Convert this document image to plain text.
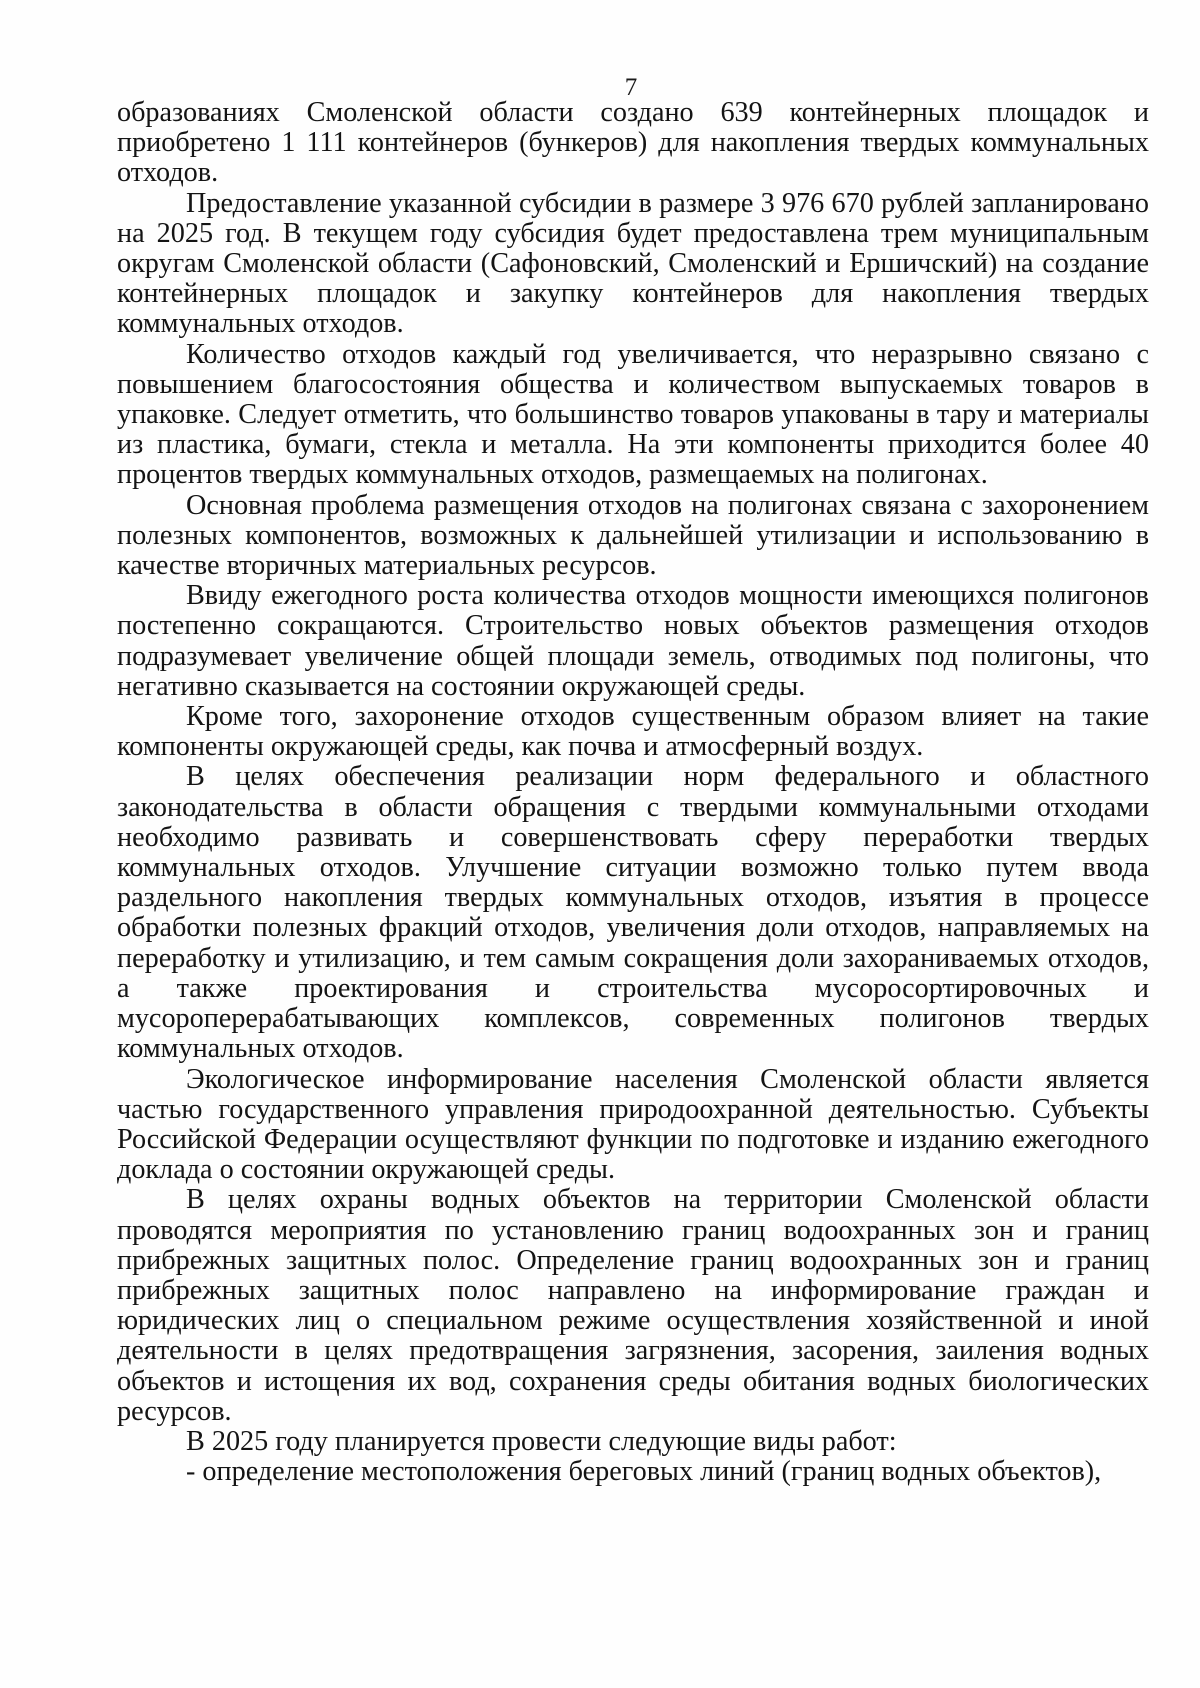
7

образованиях Смоленской области создано 639 контейнерных площадок и приобретено 1 111 контейнеров (бункеров) для накопления твердых коммунальных отходов.

Предоставление указанной субсидии в размере 3 976 670 рублей запланировано на 2025 год. В текущем году субсидия будет предоставлена трем муниципальным округам Смоленской области (Сафоновский, Смоленский и Ершичский) на создание контейнерных площадок и закупку контейнеров для накопления твердых коммунальных отходов.

Количество отходов каждый год увеличивается, что неразрывно связано с повышением благосостояния общества и количеством выпускаемых товаров в упаковке. Следует отметить, что большинство товаров упакованы в тару и материалы из пластика, бумаги, стекла и металла. На эти компоненты приходится более 40 процентов твердых коммунальных отходов, размещаемых на полигонах.

Основная проблема размещения отходов на полигонах связана с захоронением полезных компонентов, возможных к дальнейшей утилизации и использованию в качестве вторичных материальных ресурсов.

Ввиду ежегодного роста количества отходов мощности имеющихся полигонов постепенно сокращаются. Строительство новых объектов размещения отходов подразумевает увеличение общей площади земель, отводимых под полигоны, что негативно сказывается на состоянии окружающей среды.

Кроме того, захоронение отходов существенным образом влияет на такие компоненты окружающей среды, как почва и атмосферный воздух.

В целях обеспечения реализации норм федерального и областного законодательства в области обращения с твердыми коммунальными отходами необходимо развивать и совершенствовать сферу переработки твердых коммунальных отходов. Улучшение ситуации возможно только путем ввода раздельного накопления твердых коммунальных отходов, изъятия в процессе обработки полезных фракций отходов, увеличения доли отходов, направляемых на переработку и утилизацию, и тем самым сокращения доли захораниваемых отходов, а также проектирования и строительства мусоросортировочных и мусороперерабатывающих комплексов, современных полигонов твердых коммунальных отходов.

Экологическое информирование населения Смоленской области является частью государственного управления природоохранной деятельностью. Субъекты Российской Федерации осуществляют функции по подготовке и изданию ежегодного доклада о состоянии окружающей среды.

В целях охраны водных объектов на территории Смоленской области проводятся мероприятия по установлению границ водоохранных зон и границ прибрежных защитных полос. Определение границ водоохранных зон и границ прибрежных защитных полос направлено на информирование граждан и юридических лиц о специальном режиме осуществления хозяйственной и иной деятельности в целях предотвращения загрязнения, засорения, заиления водных объектов и истощения их вод, сохранения среды обитания водных биологических ресурсов.

В 2025 году планируется провести следующие виды работ:

- определение местоположения береговых линий (границ водных объектов),
